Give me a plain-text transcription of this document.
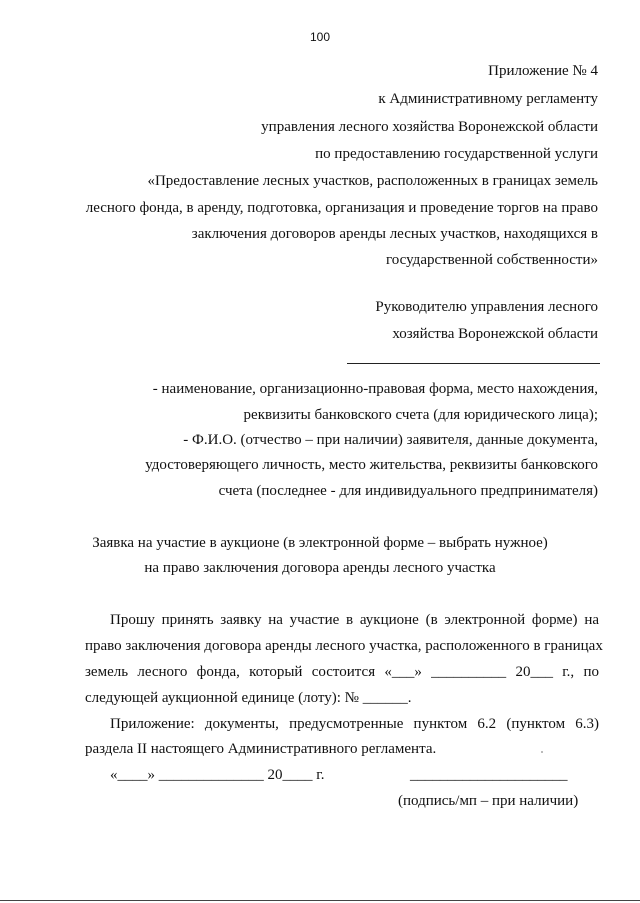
100
Приложение № 4
к Административному регламенту
управления лесного хозяйства Воронежской области
по предоставлению государственной услуги
«Предоставление лесных участков, расположенных в границах земель
лесного фонда, в аренду, подготовка, организация и проведение торгов на право
заключения договоров аренды лесных участков, находящихся в
государственной собственности»
Руководителю управления лесного
хозяйства Воронежской области
- наименование, организационно-правовая форма, место нахождения,
реквизиты банковского счета (для юридического лица);
- Ф.И.О. (отчество – при наличии) заявителя, данные документа,
удостоверяющего личность, место жительства, реквизиты банковского
счета (последнее - для индивидуального предпринимателя)
Заявка на участие в аукционе (в электронной форме – выбрать нужное)
на право заключения договора аренды лесного участка
Прошу принять заявку на участие в аукционе (в электронной форме) на
право заключения договора аренды лесного участка, расположенного в границах
земель лесного фонда, который состоится «___» __________ 20___ г., по
следующей аукционной единице (лоту): № ______.
Приложение: документы, предусмотренные пунктом 6.2 (пунктом 6.3)
раздела II настоящего Административного регламента.
«____» ______________ 20____ г.	_____________________
(подпись/мп – при наличии)
